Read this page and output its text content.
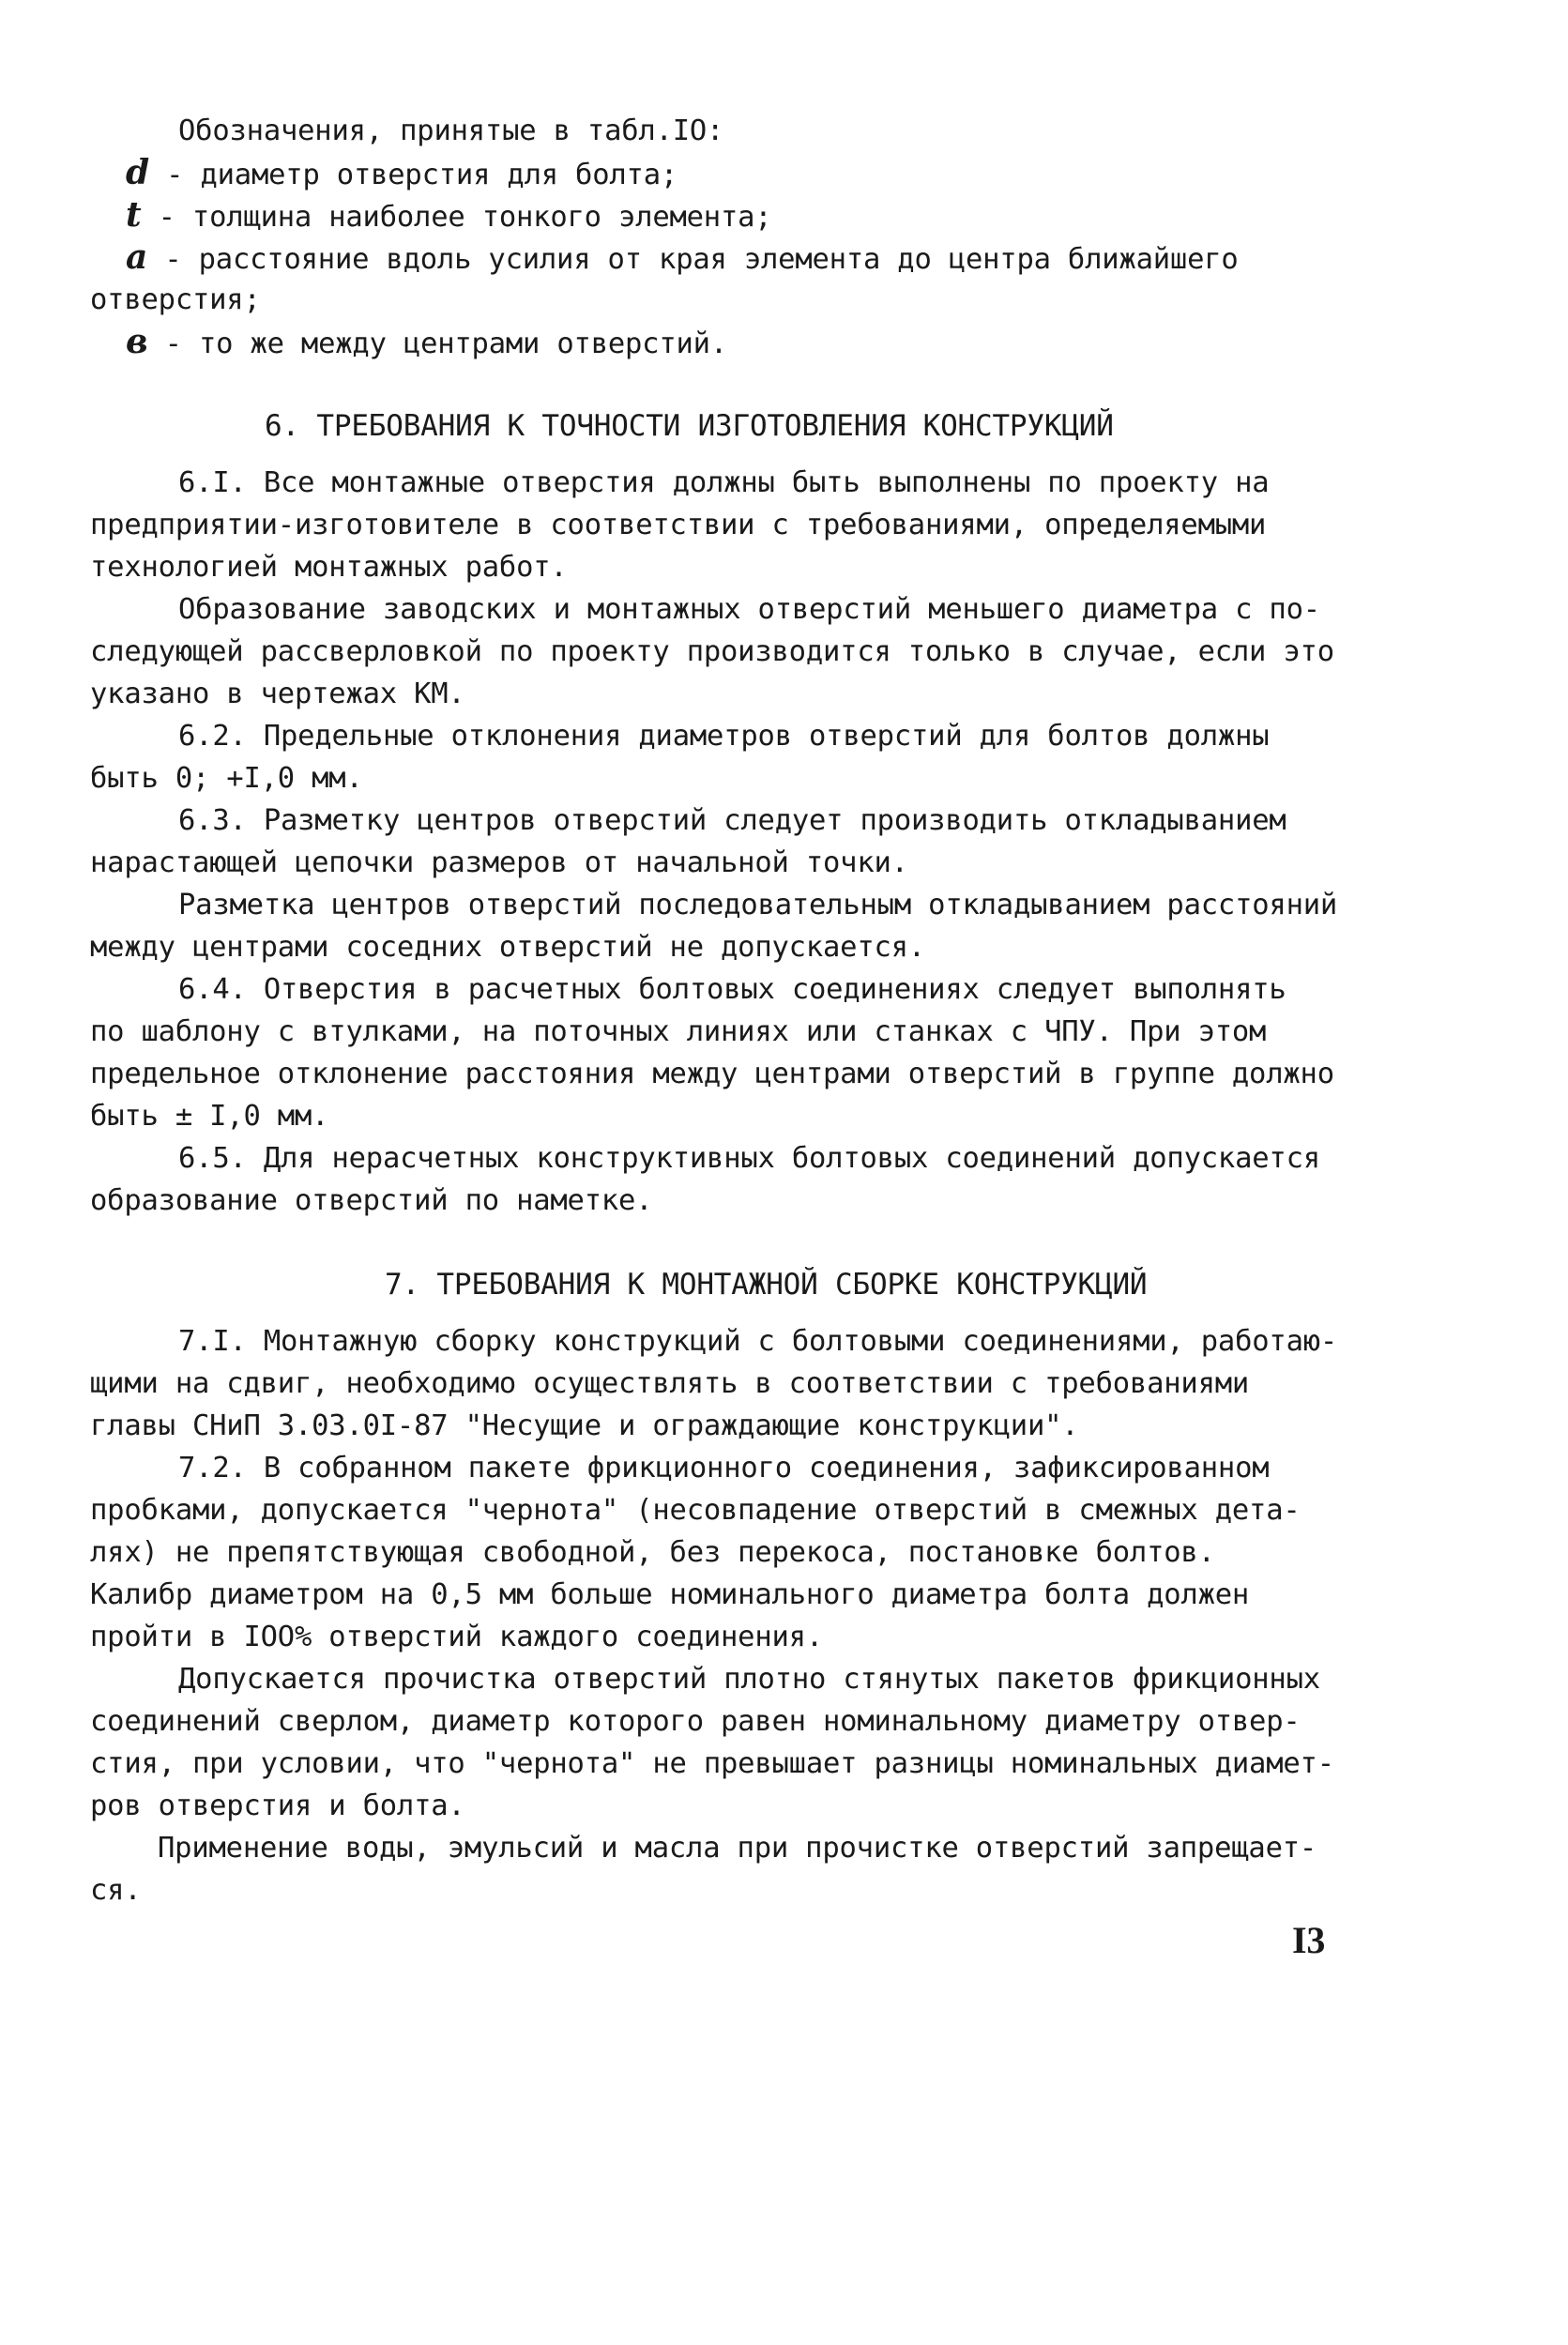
Обозначения, принятые в табл.IO:
d - диаметр отверстия для болта;
t - толщина наиболее тонкого элемента;
a - расстояние вдоль усилия от края элемента до центра ближайшего
отверстия;
в - то же между центрами отверстий.
6. ТРЕБОВАНИЯ К ТОЧНОСТИ ИЗГОТОВЛЕНИЯ КОНСТРУКЦИЙ
6.I. Все монтажные отверстия должны быть выполнены по проекту на
предприятии-изготовителе в соответствии с требованиями, определяемыми
технологией монтажных работ.
Образование заводских и монтажных отверстий меньшего диаметра с по-
следующей рассверловкой по проекту производится только в случае, если это
указано в чертежах КМ.
6.2. Предельные отклонения диаметров отверстий для болтов должны
быть 0; +I,0 мм.
6.3. Разметку центров отверстий следует производить откладыванием
нарастающей цепочки размеров от начальной точки.
Разметка центров отверстий последовательным откладыванием расстояний
между центрами соседних отверстий не допускается.
6.4. Отверстия в расчетных болтовых соединениях следует выполнять
по шаблону с втулками, на поточных линиях или станках с ЧПУ. При этом
предельное отклонение расстояния между центрами отверстий в группе должно
быть ± I,0 мм.
6.5. Для нерасчетных конструктивных болтовых соединений допускается
образование отверстий по наметке.
7. ТРЕБОВАНИЯ К МОНТАЖНОЙ СБОРКЕ КОНСТРУКЦИЙ
7.I. Монтажную сборку конструкций с болтовыми соединениями, работаю-
щими на сдвиг, необходимо осуществлять в соответствии с требованиями
главы СНиП 3.03.0I-87 "Несущие и ограждающие конструкции".
7.2. В собранном пакете фрикционного соединения, зафиксированном
пробками, допускается "чернота" (несовпадение отверстий в смежных дета-
лях) не препятствующая свободной, без перекоса, постановке болтов.
Калибр диаметром на 0,5 мм больше номинального диаметра болта должен
пройти в IOO% отверстий каждого соединения.
Допускается прочистка отверстий плотно стянутых пакетов фрикционных
соединений сверлом, диаметр которого равен номинальному диаметру отвер-
стия, при условии, что "чернота" не превышает разницы номинальных диамет-
ров отверстия и болта.
Применение воды, эмульсий и масла при прочистке отверстий запрещает-
ся.
I3
